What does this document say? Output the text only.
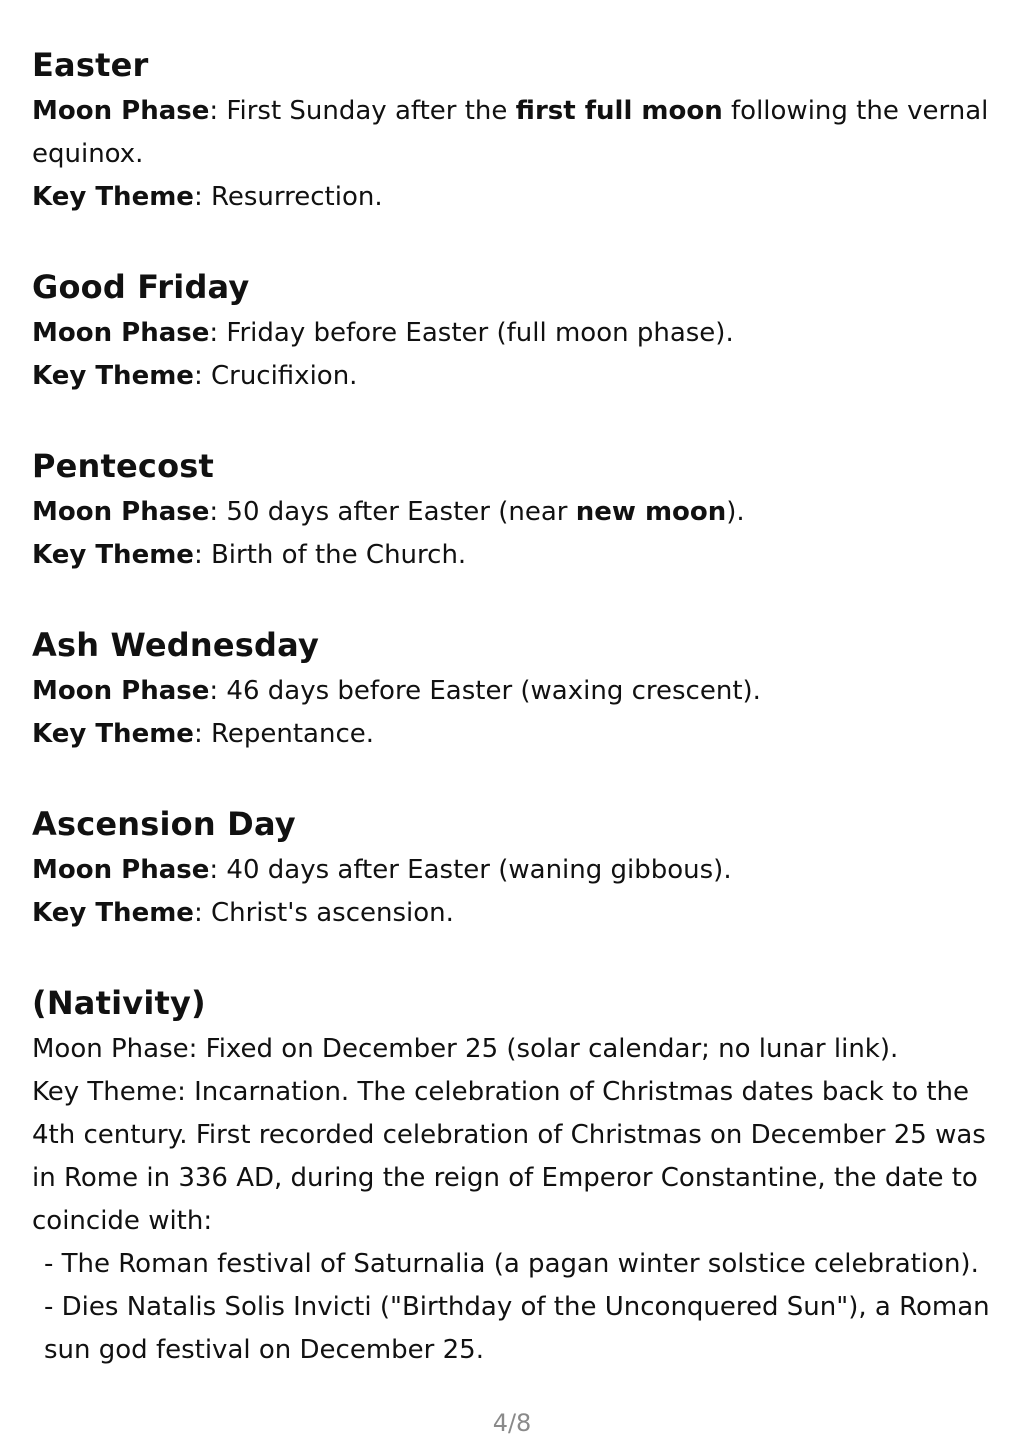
Easter

Moon Phase: First Sunday after the first full moon following the vernal equinox.

Key Theme: Resurrection.

Good Friday

Moon Phase: Friday before Easter (full moon phase).

Key Theme: Crucifixion.

Pentecost

Moon Phase: 50 days after Easter (near new moon).

Key Theme: Birth of the Church.

Ash Wednesday

Moon Phase: 46 days before Easter (waxing crescent).

Key Theme: Repentance.

Ascension Day

Moon Phase: 40 days after Easter (waning gibbous).

Key Theme: Christ's ascension.

(Nativity)

Moon Phase: Fixed on December 25 (solar calendar; no lunar link).

Key Theme: Incarnation. The celebration of Christmas dates back to the 4th century. First recorded celebration of Christmas on December 25 was in Rome in 336 AD, during the reign of Emperor Constantine, the date to coincide with:

- The Roman festival of Saturnalia (a pagan winter solstice celebration).

- Dies Natalis Solis Invicti ("Birthday of the Unconquered Sun"), a Roman sun god festival on December 25.

4/8
